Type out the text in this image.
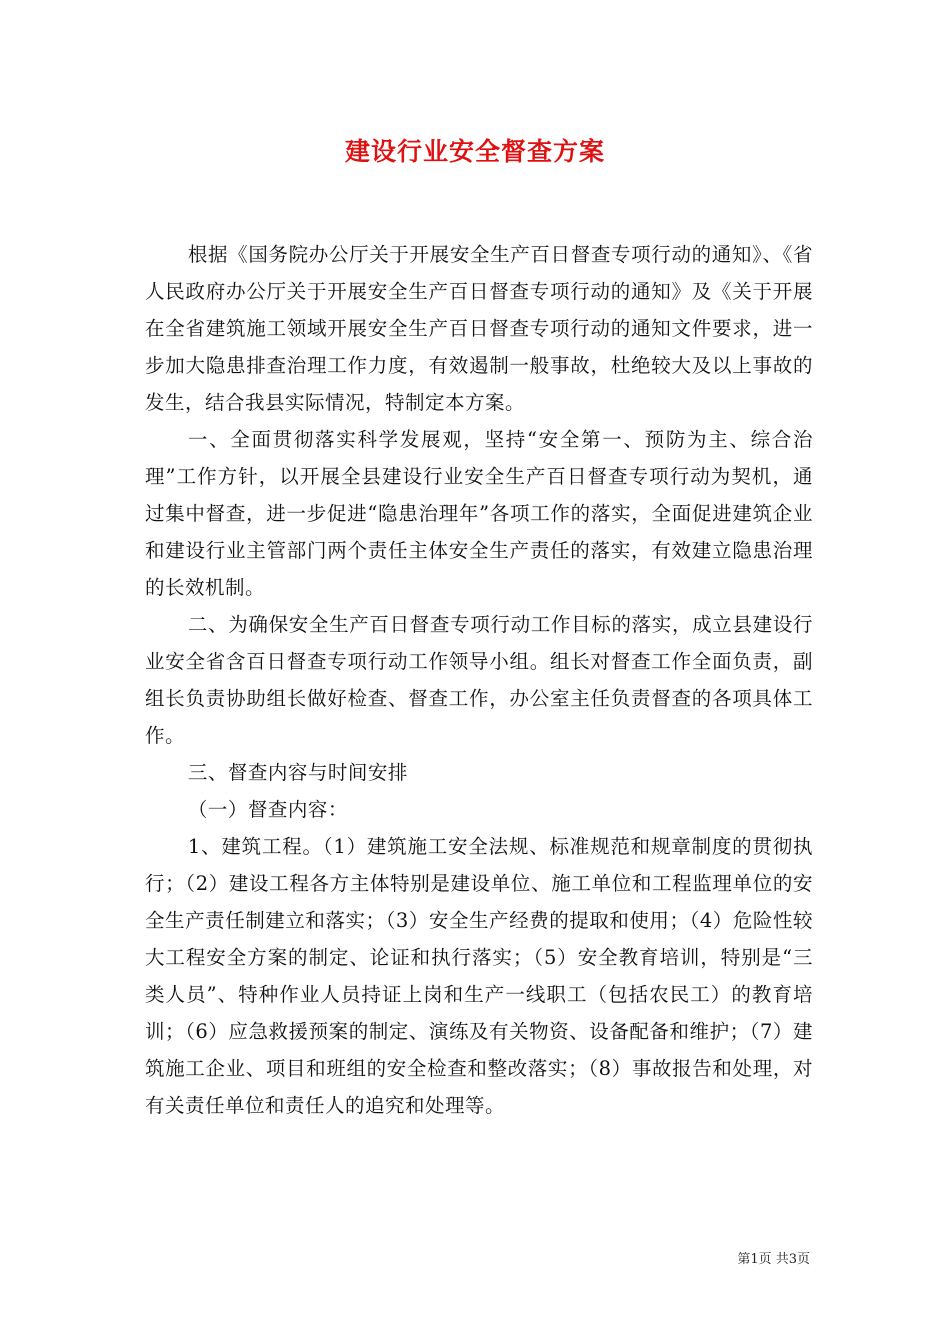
建设行业安全督查方案

根据《国务院办公厅关于开展安全生产百日督查专项行动的通知》、《省人民政府办公厅关于开展安全生产百日督查专项行动的通知》及《关于开展在全省建筑施工领域开展安全生产百日督查专项行动的通知文件要求，进一步加大隐患排查治理工作力度，有效遏制一般事故，杜绝较大及以上事故的发生，结合我县实际情况，特制定本方案。

一、全面贯彻落实科学发展观，坚持“安全第一、预防为主、综合治理”工作方针，以开展全县建设行业安全生产百日督查专项行动为契机，通过集中督查，进一步促进“隐患治理年”各项工作的落实，全面促进建筑企业和建设行业主管部门两个责任主体安全生产责任的落实，有效建立隐患治理的长效机制。

二、为确保安全生产百日督查专项行动工作目标的落实，成立县建设行业安全省含百日督查专项行动工作领导小组。组长对督查工作全面负责，副组长负责协助组长做好检查、督查工作，办公室主任负责督查的各项具体工作。

三、督查内容与时间安排

（一）督查内容：

1、建筑工程。（1）建筑施工安全法规、标准规范和规章制度的贯彻执行；（2）建设工程各方主体特别是建设单位、施工单位和工程监理单位的安全生产责任制建立和落实；（3）安全生产经费的提取和使用；（4）危险性较大工程安全方案的制定、论证和执行落实；（5）安全教育培训，特别是“三类人员”、特种作业人员持证上岗和生产一线职工（包括农民工）的教育培训；（6）应急救援预案的制定、演练及有关物资、设备配备和维护；（7）建筑施工企业、项目和班组的安全检查和整改落实；（8）事故报告和处理，对有关责任单位和责任人的追究和处理等。

第1页 共3页
